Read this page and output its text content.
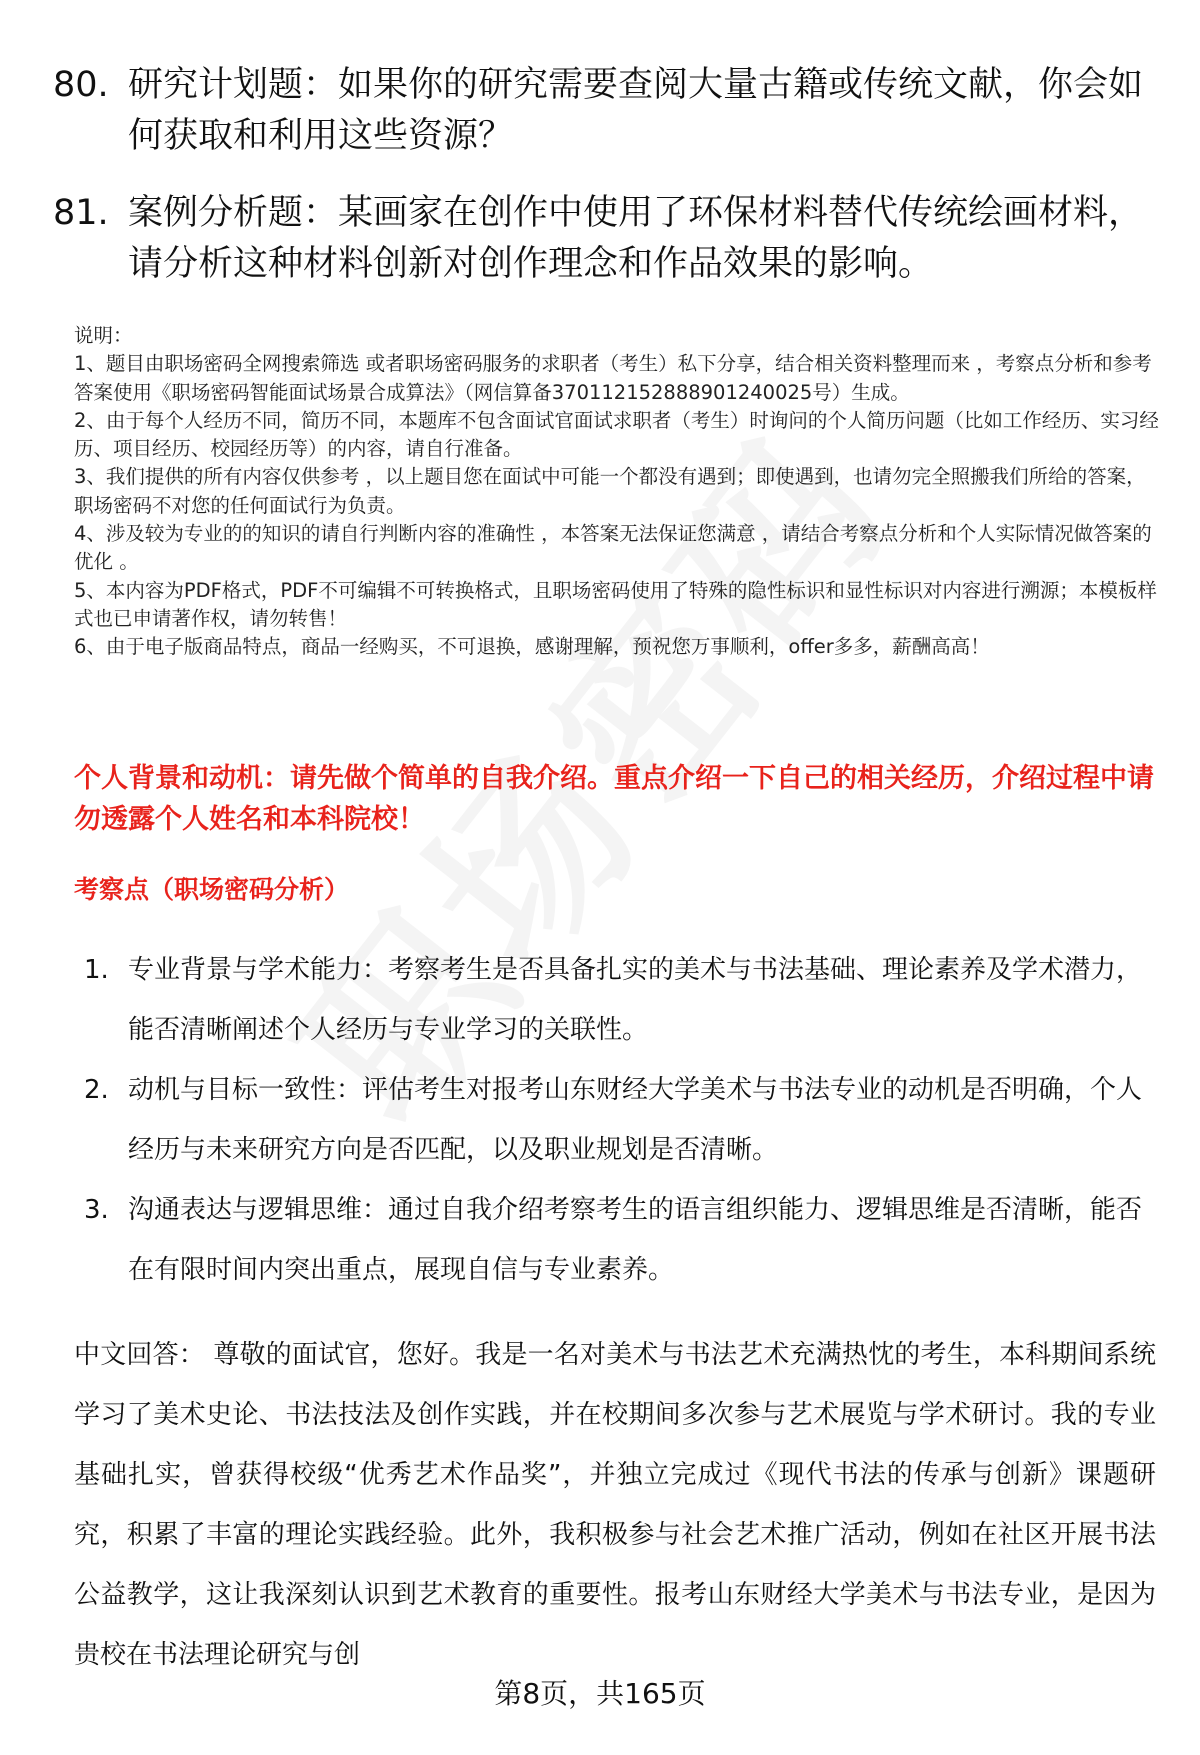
80. 研究计划题：如果你的研究需要查阅大量古籍或传统文献，你会如何获取和利用这些资源？
81. 案例分析题：某画家在创作中使用了环保材料替代传统绘画材料，请分析这种材料创新对创作理念和作品效果的影响。

说明：

1、题目由职场密码全网搜索筛选 或者职场密码服务的求职者（考生）私下分享，结合相关资料整理而来 ，考察点分析和参考答案使用《职场密码智能面试场景合成算法》（网信算备370112152888901240025号）生成。

2、由于每个人经历不同，简历不同，本题库不包含面试官面试求职者（考生）时询问的个人简历问题（比如工作经历、实习经历、项目经历、校园经历等）的内容，请自行准备。

3、我们提供的所有内容仅供参考 ，以上题目您在面试中可能一个都没有遇到；即使遇到，也请勿完全照搬我们所给的答案，职场密码不对您的任何面试行为负责。

4、涉及较为专业的的知识的请自行判断内容的准确性 ，本答案无法保证您满意 ，请结合考察点分析和个人实际情况做答案的优化 。

5、本内容为PDF格式，PDF不可编辑不可转换格式，且职场密码使用了特殊的隐性标识和显性标识对内容进行溯源；本模板样式也已申请著作权，请勿转售！

6、由于电子版商品特点，商品一经购买，不可退换，感谢理解，预祝您万事顺利，offer多多，薪酬高高！

个人背景和动机：请先做个简单的自我介绍。重点介绍一下自己的相关经历，介绍过程中请勿透露个人姓名和本科院校！
考察点（职场密码分析）
1. 专业背景与学术能力：考察考生是否具备扎实的美术与书法基础、理论素养及学术潜力，能否清晰阐述个人经历与专业学习的关联性。
2. 动机与目标一致性：评估考生对报考山东财经大学美术与书法专业的动机是否明确，个人经历与未来研究方向是否匹配，以及职业规划是否清晰。
3. 沟通表达与逻辑思维：通过自我介绍考察考生的语言组织能力、逻辑思维是否清晰，能否在有限时间内突出重点，展现自信与专业素养。
中文回答： 尊敬的面试官，您好。我是一名对美术与书法艺术充满热忱的考生，本科期间系统学习了美术史论、书法技法及创作实践，并在校期间多次参与艺术展览与学术研讨。我的专业基础扎实，曾获得校级“优秀艺术作品奖”，并独立完成过《现代书法的传承与创新》课题研究，积累了丰富的理论实践经验。此外，我积极参与社会艺术推广活动，例如在社区开展书法公益教学，这让我深刻认识到艺术教育的重要性。报考山东财经大学美术与书法专业，是因为贵校在书法理论研究与创
第8页，共165页
